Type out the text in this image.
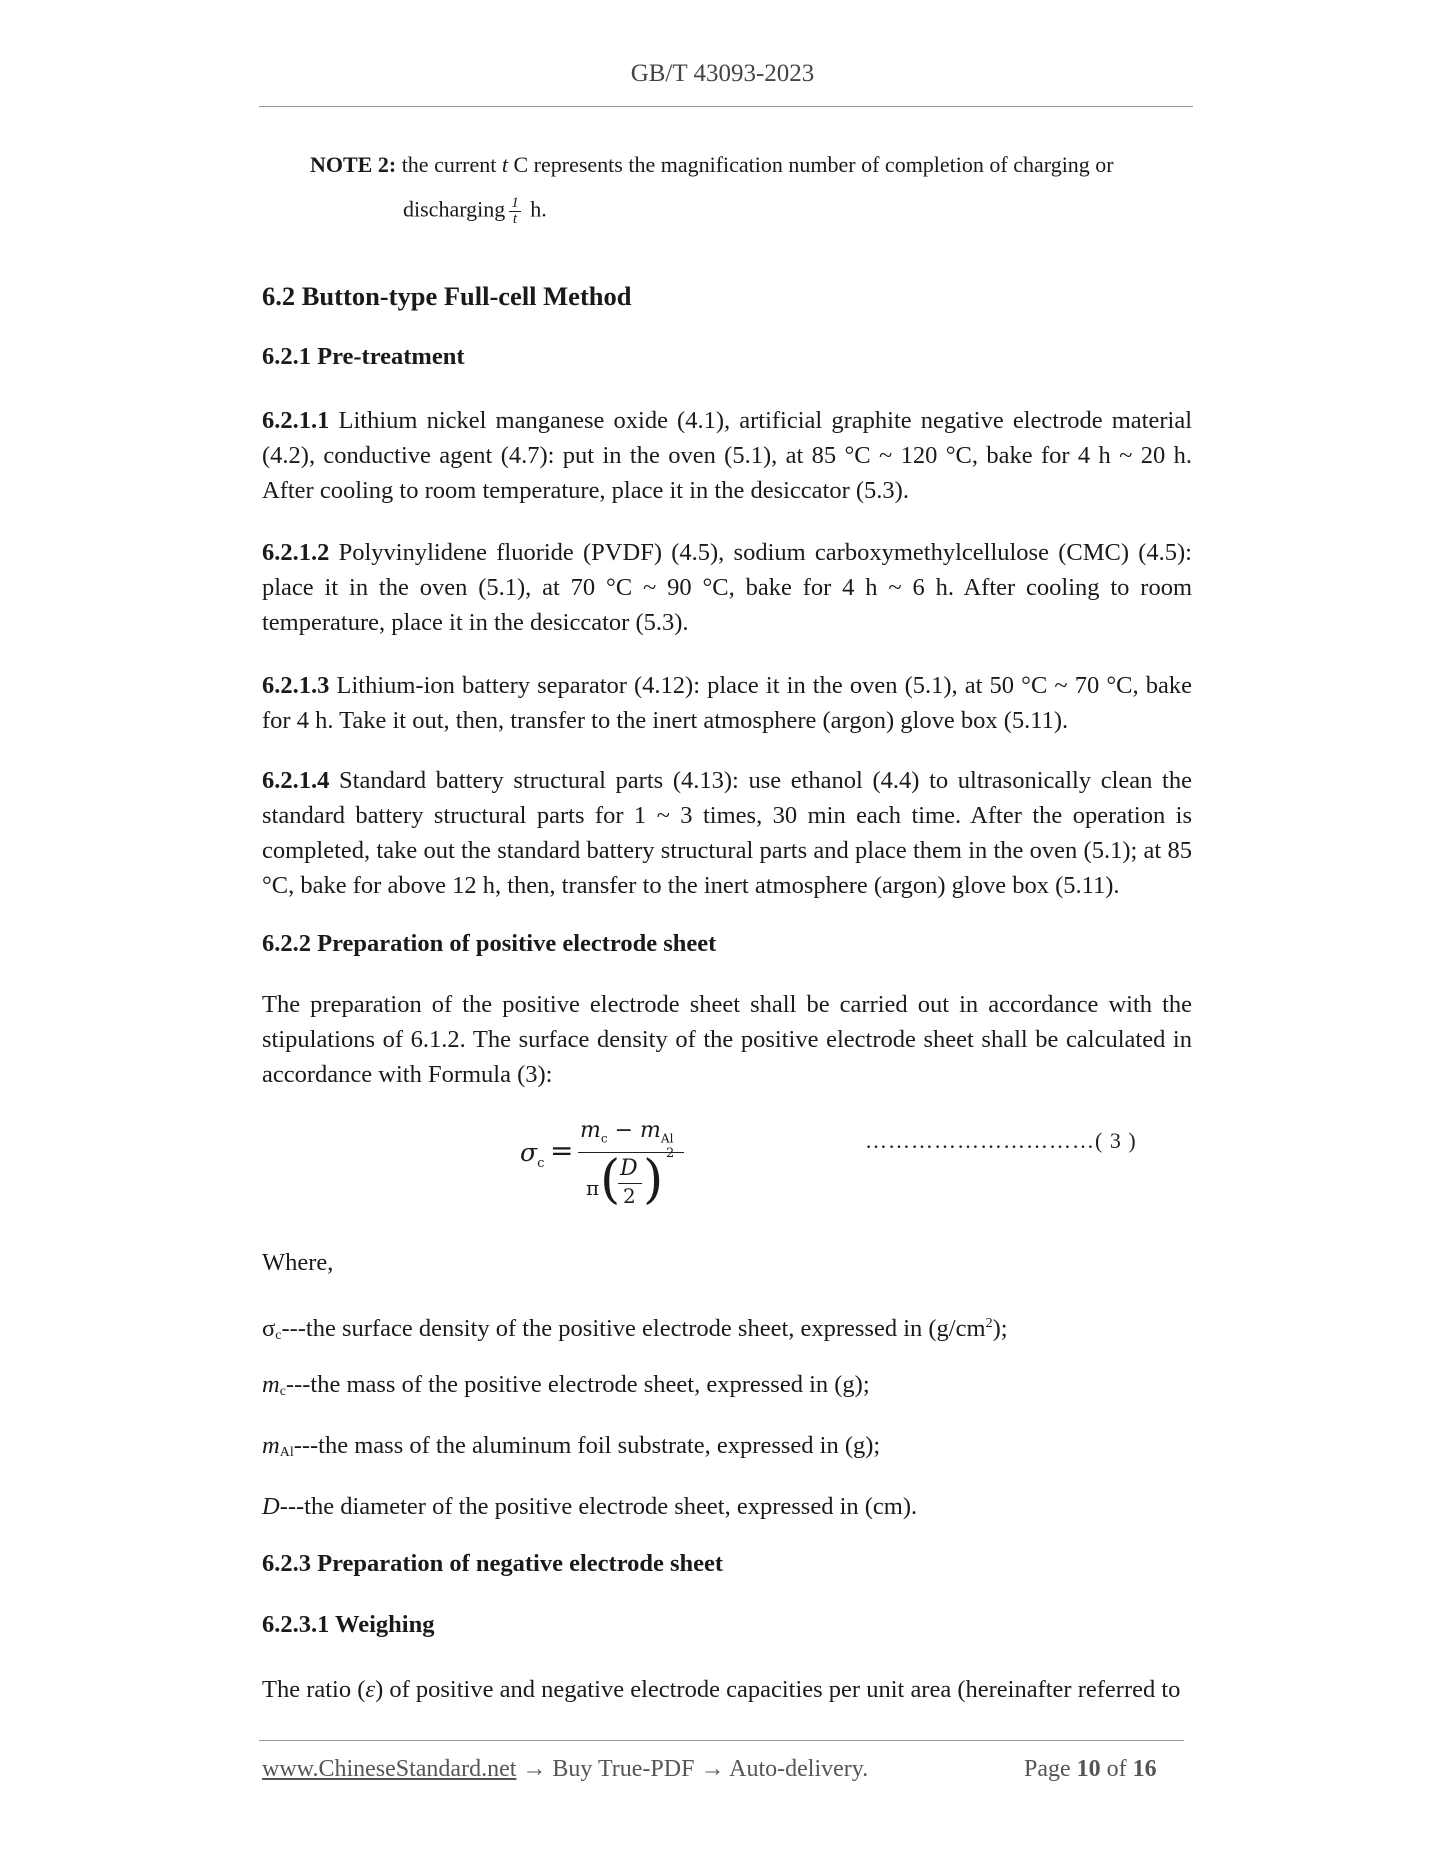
GB/T 43093-2023

NOTE 2: the current t C represents the magnification number of completion of charging or

discharging $\frac{1}{t} h$.

6.2 Button-type Full-cell Method
6.2.1 Pre-treatment

6.2.1.1 Lithium nickel manganese oxide (4.1), artificial graphite negative electrode material (4.2), conductive agent (4.7): put in the oven (5.1), at 85 °C ~ 120 °C, bake for 4 h ~ 20 h. After cooling to room temperature, place it in the desiccator (5.3).

6.2.1.2 Polyvinylidene fluoride (PVDF) (4.5), sodium carboxymethylcellulose (CMC) (4.5): place it in the oven (5.1), at 70 °C ~ 90 °C, bake for 4 h ~ 6 h. After cooling to room temperature, place it in the desiccator (5.3).

6.2.1.3 Lithium-ion battery separator (4.12): place it in the oven (5.1), at 50 °C ~ 70 °C, bake for 4 h. Take it out, then, transfer to the inert atmosphere (argon) glove box (5.11).

6.2.1.4 Standard battery structural parts (4.13): use ethanol (4.4) to ultrasonically clean the standard battery structural parts for 1 ~ 3 times, 30 min each time. After the operation is completed, take out the standard battery structural parts and place them in the oven (5.1); at 85 °C, bake for above 12 h, then, transfer to the inert atmosphere (argon) glove box (5.11).

6.2.2 Preparation of positive electrode sheet

The preparation of the positive electrode sheet shall be carried out in accordance with the stipulations of 6.1.2. The surface density of the positive electrode sheet shall be calculated in accordance with Formula (3):

$\sigma_c$ =
$m_c - m_{Al}$
π ( D
2 ) 2
…………………………( 3 )

Where,

$\sigma_c--$-the surface density of the positive electrode sheet, expressed in $(g/cm^2)$;

$m_c--$-the mass of the positive electrode sheet, expressed in (g);

$m_{Al}--$-the mass of the aluminum foil substrate, expressed in (g);

D---the diameter of the positive electrode sheet, expressed in (cm).

6.2.3 Preparation of negative electrode sheet
6.2.3.1 Weighing

The ratio (ε) of positive and negative electrode capacities per unit area (hereinafter referred to

www.ChineseStandard.net → Buy True-PDF → Auto-delivery.	Page 10 of 16
